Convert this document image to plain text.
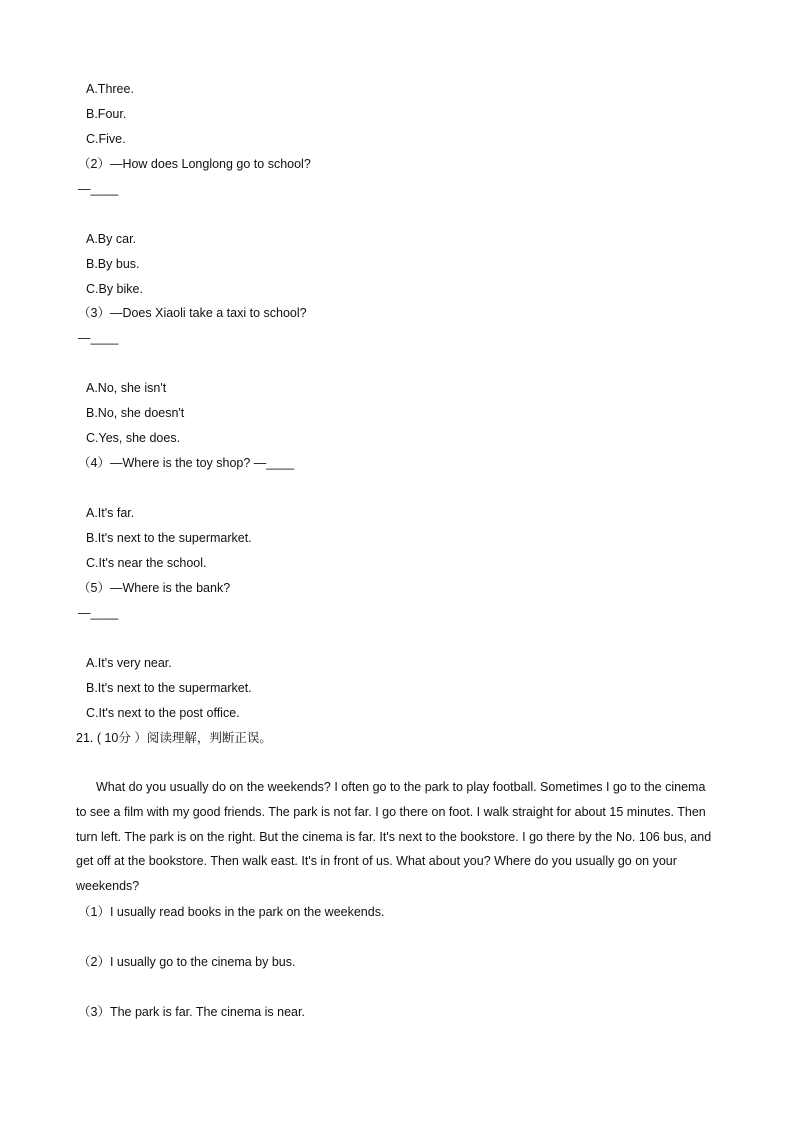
A.Three.
B.Four.
C.Five.
（2）—How does Longlong go to school?
—____
A.By car.
B.By bus.
C.By bike.
（3）—Does Xiaoli take a taxi to school?
—____
A.No, she isn't
B.No, she doesn't
C.Yes, she does.
（4）—Where is the toy shop? —____
A.It's far.
B.It's next to the supermarket.
C.It's near the school.
（5）—Where is the bank?
—____
A.It's very near.
B.It's next to the supermarket.
C.It's next to the post office.
21. ( 10分 ）阅读理解，判断正误。

What do you usually do on the weekends? I often go to the park to play football. Sometimes I go to the cinema to see a film with my good friends. The park is not far. I go there on foot. I walk straight for about 15 minutes. Then turn left. The park is on the right. But the cinema is far. It's next to the bookstore. I go there by the No. 106 bus, and get off at the bookstore. Then walk east. It's in front of us. What about you? Where do you usually go on your weekends?

（1）I usually read books in the park on the weekends.
（2）I usually go to the cinema by bus.
（3）The park is far. The cinema is near.
